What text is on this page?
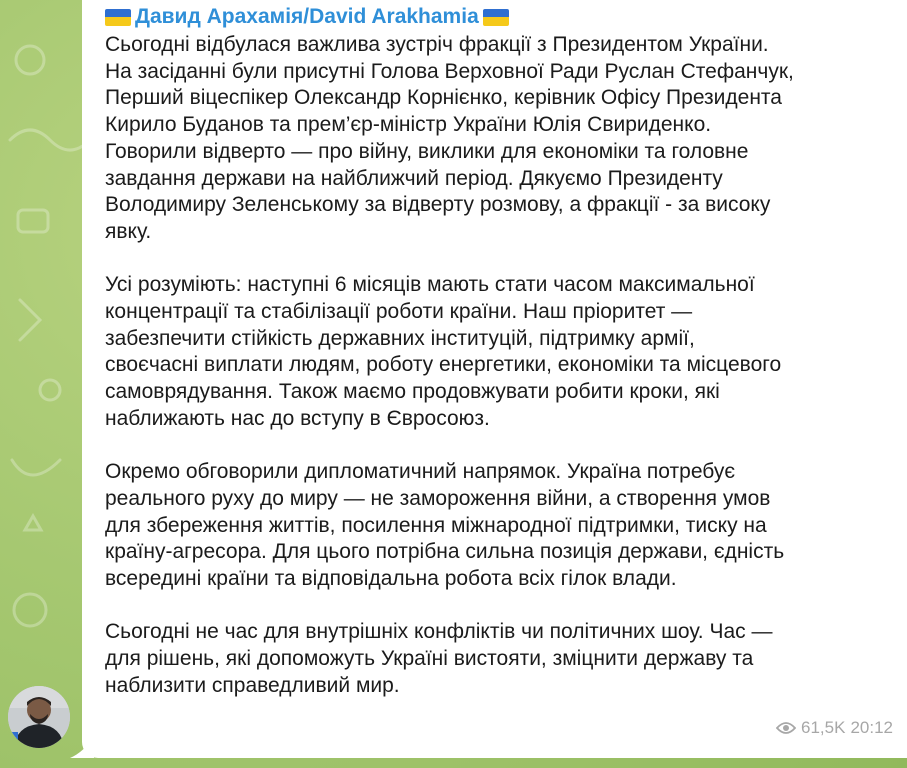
Давид Арахамія/David Arakhamia

Сьогодні відбулася важлива зустріч фракції з Президентом України.
На засіданні були присутні Голова Верховної Ради Руслан Стефанчук,
Перший віцеспікер Олександр Корнієнко, керівник Офісу Президента
Кирило Буданов та прем’єр-міністр України Юлія Свириденко.
Говорили відверто — про війну, виклики для економіки та головне
завдання держави на найближчий період. Дякуємо Президенту
Володимиру Зеленському за відверту розмову, а фракції - за високу
явку.

Усі розуміють: наступні 6 місяців мають стати часом максимальної
концентрації та стабілізації роботи країни. Наш пріоритет —
забезпечити стійкість державних інституцій, підтримку армії,
своєчасні виплати людям, роботу енергетики, економіки та місцевого
самоврядування. Також маємо продовжувати робити кроки, які
наближають нас до вступу в Євросоюз.

Окремо обговорили дипломатичний напрямок. Україна потребує
реального руху до миру — не замороження війни, а створення умов
для збереження життів, посилення міжнародної підтримки, тиску на
країну-агресора. Для цього потрібна сильна позиція держави, єдність
всередині країни та відповідальна робота всіх гілок влади.

Сьогодні не час для внутрішніх конфліктів чи політичних шоу. Час —
для рішень, які допоможуть Україні вистояти, зміцнити державу та
наблизити справедливий мир.

61,5K 20:12
